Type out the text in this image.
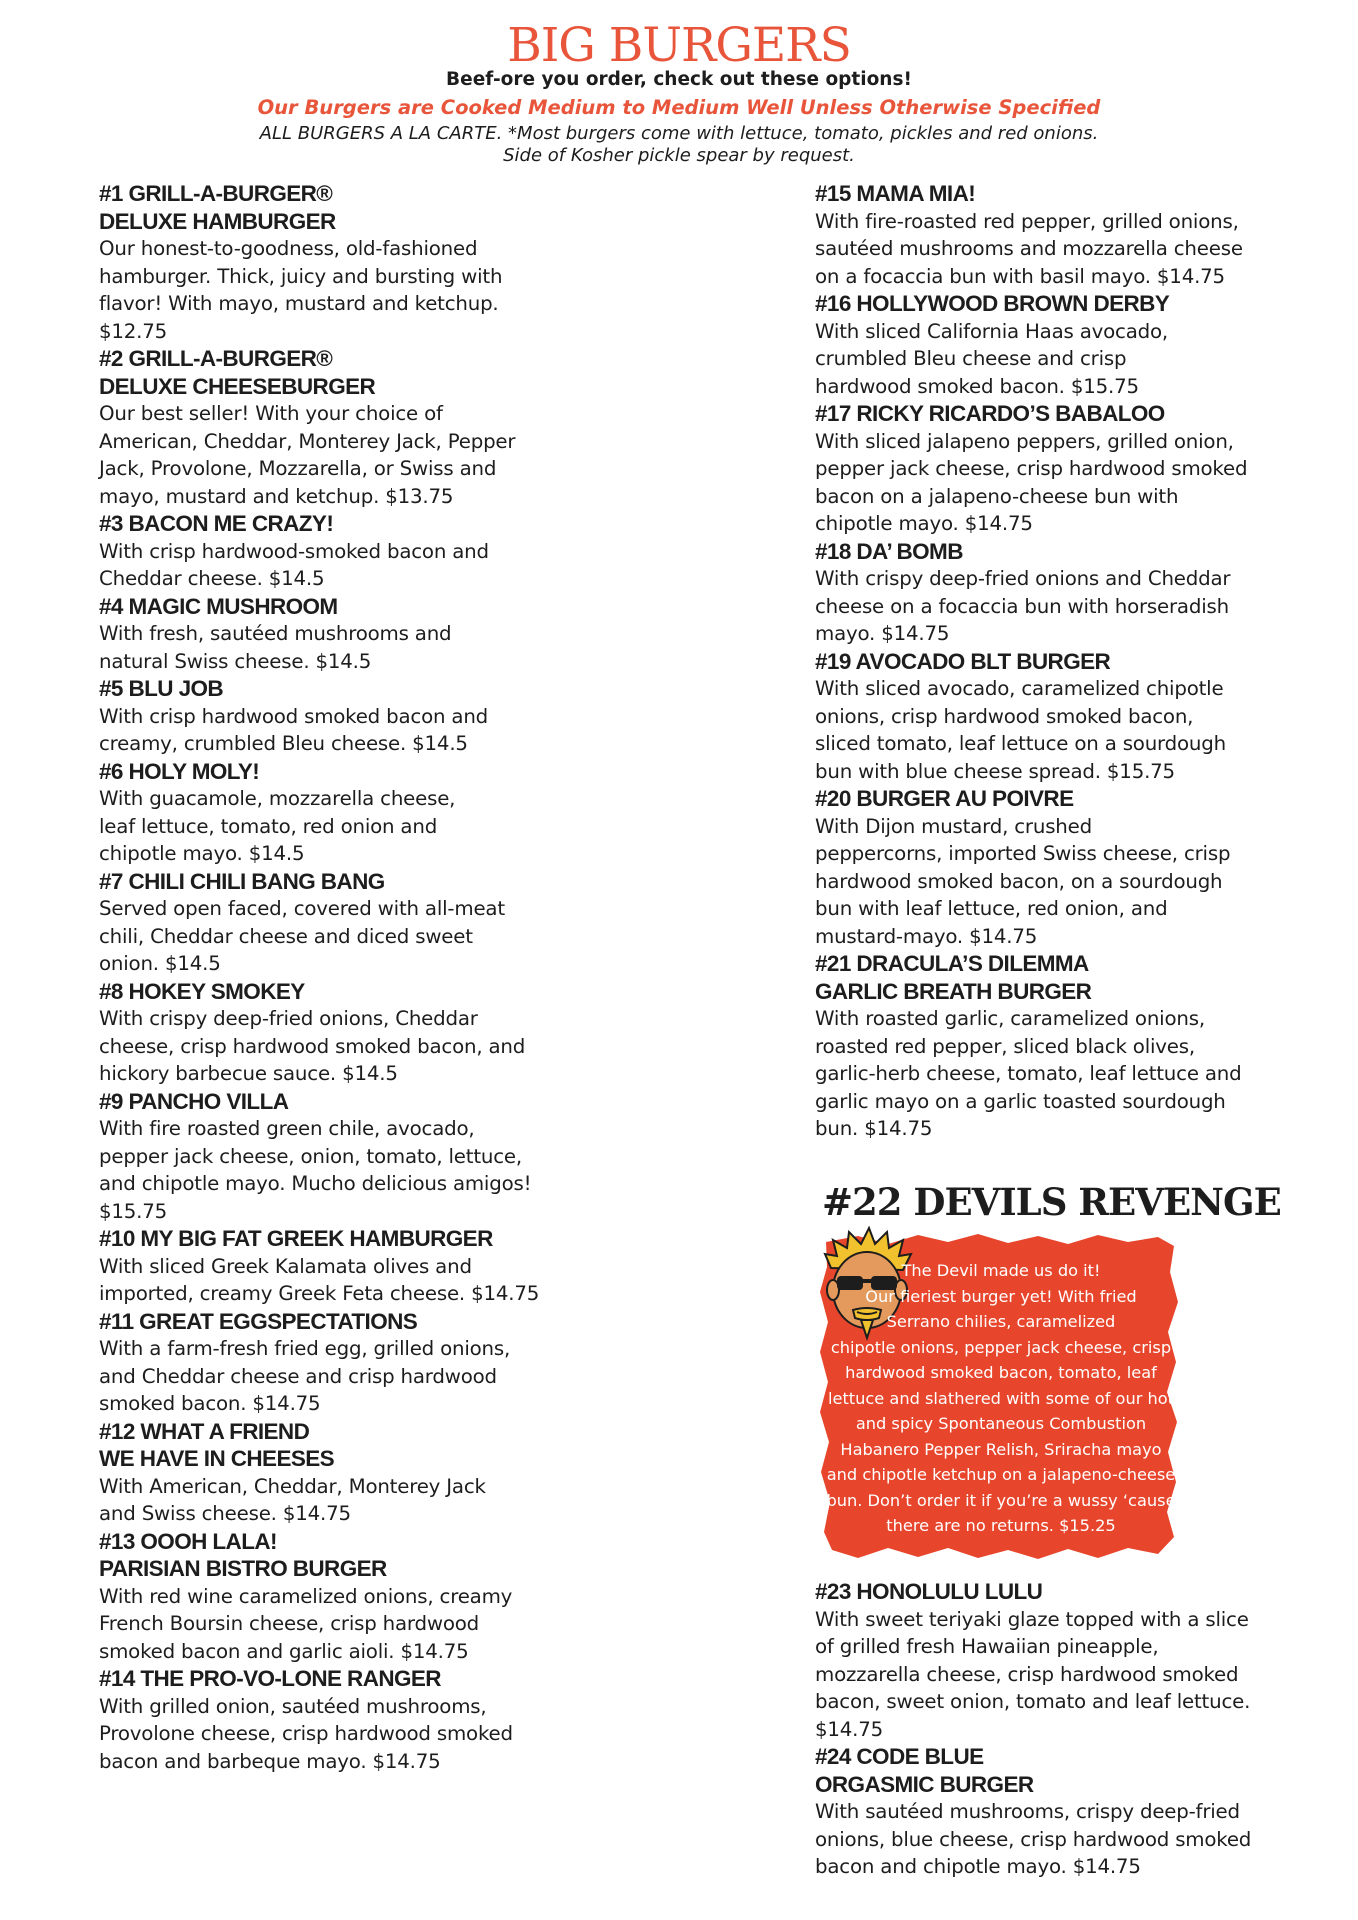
BIG BURGERS

Beef-ore you order, check out these options!

Our Burgers are Cooked Medium to Medium Well Unless Otherwise Specified

ALL BURGERS A LA CARTE. *Most burgers come with lettuce, tomato, pickles and red onions.

Side of Kosher pickle spear by request.

#1 GRILL-A-BURGER®
DELUXE HAMBURGER
Our honest-to-goodness, old-fashioned
hamburger. Thick, juicy and bursting with
flavor! With mayo, mustard and ketchup.
$12.75
#2 GRILL-A-BURGER®
DELUXE CHEESEBURGER
Our best seller! With your choice of
American, Cheddar, Monterey Jack, Pepper
Jack, Provolone, Mozzarella, or Swiss and
mayo, mustard and ketchup. $13.75
#3 BACON ME CRAZY!
With crisp hardwood-smoked bacon and
Cheddar cheese. $14.5
#4 MAGIC MUSHROOM
With fresh, sautéed mushrooms and
natural Swiss cheese. $14.5
#5 BLU JOB
With crisp hardwood smoked bacon and
creamy, crumbled Bleu cheese. $14.5
#6 HOLY MOLY!
With guacamole, mozzarella cheese,
leaf lettuce, tomato, red onion and
chipotle mayo. $14.5
#7 CHILI CHILI BANG BANG
Served open faced, covered with all-meat
chili, Cheddar cheese and diced sweet
onion. $14.5
#8 HOKEY SMOKEY
With crispy deep-fried onions, Cheddar
cheese, crisp hardwood smoked bacon, and
hickory barbecue sauce. $14.5
#9 PANCHO VILLA
With fire roasted green chile, avocado,
pepper jack cheese, onion, tomato, lettuce,
and chipotle mayo. Mucho delicious amigos!
$15.75
#10 MY BIG FAT GREEK HAMBURGER
With sliced Greek Kalamata olives and
imported, creamy Greek Feta cheese. $14.75
#11 GREAT EGGSPECTATIONS
With a farm-fresh fried egg, grilled onions,
and Cheddar cheese and crisp hardwood
smoked bacon. $14.75
#12 WHAT A FRIEND
WE HAVE IN CHEESES
With American, Cheddar, Monterey Jack
and Swiss cheese. $14.75
#13 OOOH LALA!
PARISIAN BISTRO BURGER
With red wine caramelized onions, creamy
French Boursin cheese, crisp hardwood
smoked bacon and garlic aioli. $14.75
#14 THE PRO-VO-LONE RANGER
With grilled onion, sautéed mushrooms,
Provolone cheese, crisp hardwood smoked
bacon and barbeque mayo. $14.75
#15 MAMA MIA!
With fire-roasted red pepper, grilled onions,
sautéed mushrooms and mozzarella cheese
on a focaccia bun with basil mayo. $14.75
#16 HOLLYWOOD BROWN DERBY
With sliced California Haas avocado,
crumbled Bleu cheese and crisp
hardwood smoked bacon. $15.75
#17 RICKY RICARDO’S BABALOO
With sliced jalapeno peppers, grilled onion,
pepper jack cheese, crisp hardwood smoked
bacon on a jalapeno-cheese bun with
chipotle mayo. $14.75
#18 DA’ BOMB
With crispy deep-fried onions and Cheddar
cheese on a focaccia bun with horseradish
mayo. $14.75
#19 AVOCADO BLT BURGER
With sliced avocado, caramelized chipotle
onions, crisp hardwood smoked bacon,
sliced tomato, leaf lettuce on a sourdough
bun with blue cheese spread. $15.75
#20 BURGER AU POIVRE
With Dijon mustard, crushed
peppercorns, imported Swiss cheese, crisp
hardwood smoked bacon, on a sourdough
bun with leaf lettuce, red onion, and
mustard-mayo. $14.75
#21 DRACULA’S DILEMMA
GARLIC BREATH BURGER
With roasted garlic, caramelized onions,
roasted red pepper, sliced black olives,
garlic-herb cheese, tomato, leaf lettuce and
garlic mayo on a garlic toasted sourdough
bun. $14.75
#22 DEVILS REVENGE
The Devil made us do it!
Our fieriest burger yet! With fried
Serrano chilies, caramelized
chipotle onions, pepper jack cheese, crisp
hardwood smoked bacon, tomato, leaf
lettuce and slathered with some of our hot
and spicy Spontaneous Combustion
Habanero Pepper Relish, Sriracha mayo
and chipotle ketchup on a jalapeno-cheese
bun. Don’t order it if you’re a wussy ‘cause
there are no returns. $15.25
#23 HONOLULU LULU
With sweet teriyaki glaze topped with a slice
of grilled fresh Hawaiian pineapple,
mozzarella cheese, crisp hardwood smoked
bacon, sweet onion, tomato and leaf lettuce.
$14.75
#24 CODE BLUE
ORGASMIC BURGER
With sautéed mushrooms, crispy deep-fried
onions, blue cheese, crisp hardwood smoked
bacon and chipotle mayo. $14.75
